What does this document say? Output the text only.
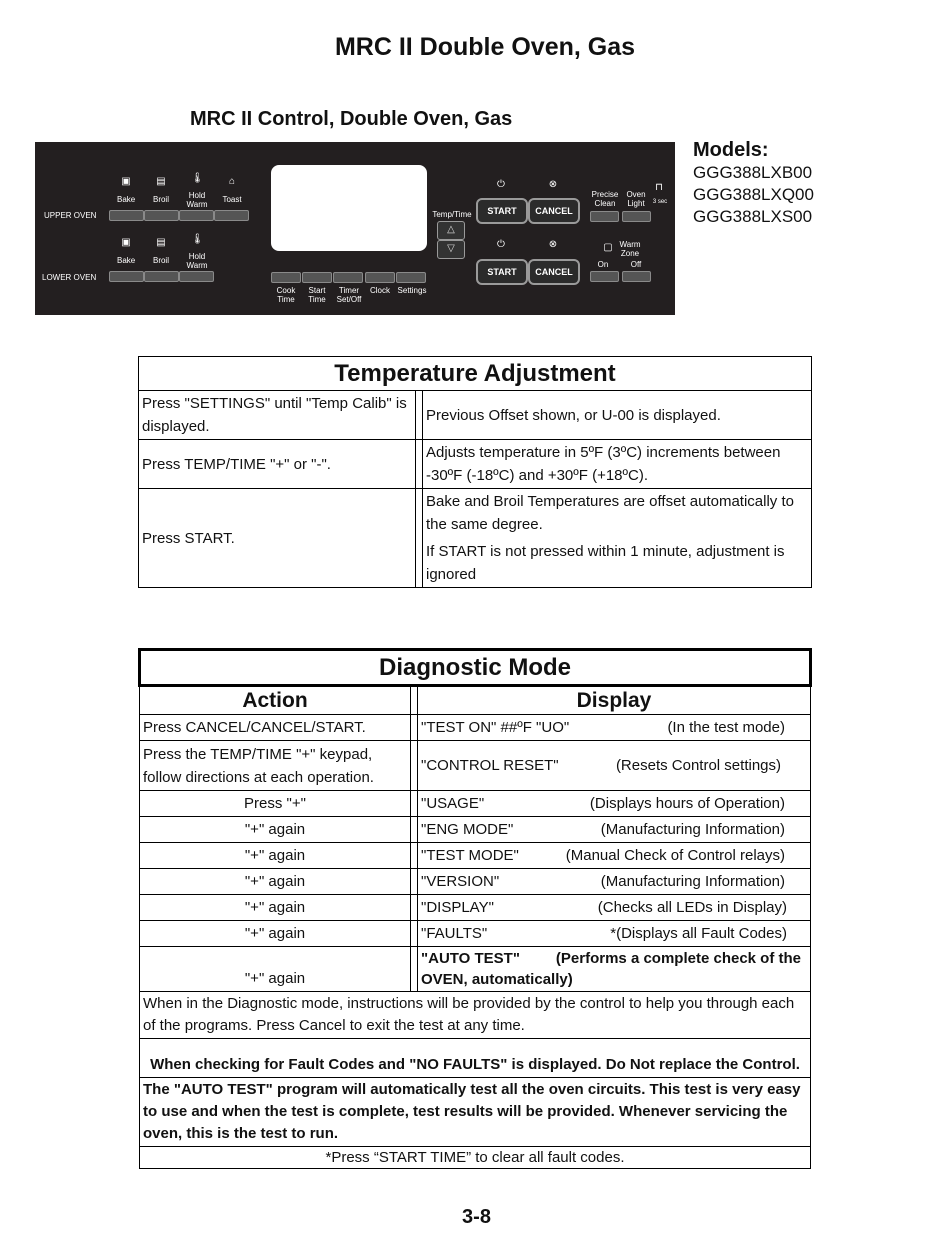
MRC II Double Oven, Gas
MRC II Control, Double Oven, Gas
Models:
GGG388LXB00
GGG388LXQ00
GGG388LXS00
UPPER OVEN
LOWER OVEN
▣	▤	🌡	⌂
Bake Broil	Hold
Warm
Toast
▣	▤	🌡
Bake Broil	Hold
Warm
Cook
Time
Start
Time
Timer
Set/Off
Clock Settings
Temp/Time
△
▽
⏻	⊗
START	CANCEL
⏻	⊗
START	CANCEL
Precise
Clean
Oven
Light
⊓
3 sec
▢ Warm
Zone
On	Off
Temperature Adjustment		
Press "SETTINGS" until "Temp Calib" is displayed.		Previous Offset shown, or U-00 is displayed.
Press TEMP/TIME "+" or "-".		Adjusts temperature in 5ºF (3ºC) increments between -30ºF (-18ºC) and +30ºF (+18ºC).
Press START.		Bake and Broil Temperatures are offset automatically to the same degree.
If START is not pressed within 1 minute, adjustment is ignored
Diagnostic Mode		
Action		Display
Press CANCEL/CANCEL/START.		"TEST ON" ##ºF "UO" (In the test mode)

Press the TEMP/TIME "+" keypad, follow directions at each operation.		"CONTROL RESET" (Resets Control settings)

Press "+"		"USAGE" (Displays hours of Operation)

"+" again		"ENG MODE" (Manufacturing Information)

"+" again		"TEST MODE" (Manual Check of Control relays)

"+" again		"VERSION" (Manufacturing Information)

"+" again		"DISPLAY" (Checks all LEDs in Display)

"+" again		"FAULTS" *(Displays all Fault Codes)

"+" again		"AUTO TEST" (Performs a complete check of the

OVEN, automatically)
When in the Diagnostic mode, instructions will be provided by the control to help you through each of the programs. Press Cancel to exit the test at any time.		
When checking for Fault Codes and "NO FAULTS" is displayed. Do Not replace the Control.		
The "AUTO TEST" program will automatically test all the oven circuits. This test is very easy to use and when the test is complete, test results will be provided. Whenever servicing the oven, this is the test to run.		
*Press “START TIME” to clear all fault codes.		
3-8
